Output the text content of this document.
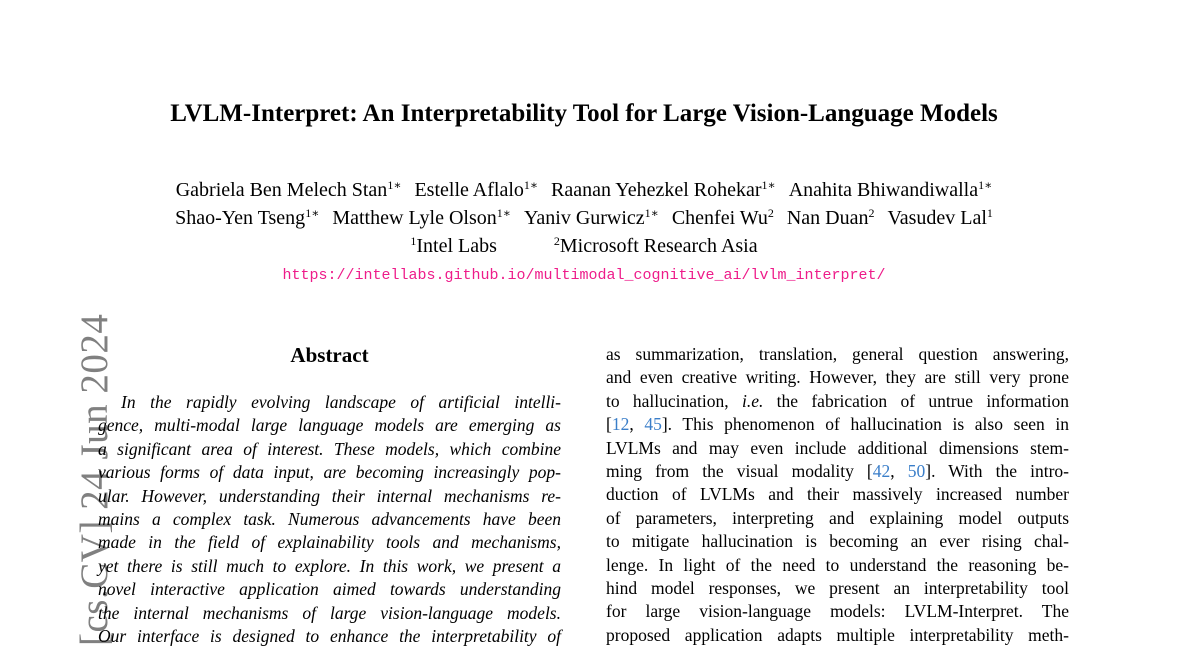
[cs.CV] 24 Jun 2024
LVLM-Interpret: An Interpretability Tool for Large Vision-Language Models
Gabriela Ben Melech Stan$^{1∗}$ Estelle Aflalo$^{1∗}$ Raanan Yehezkel Rohekar$^{1∗}$ Anahita Bhiwandiwalla$^{1∗}$
Shao-Yen Tseng$^{1∗}$ Matthew Lyle Olson$^{1∗}$ Yaniv Gurwicz$^{1∗}$ Chenfei Wu$^2$ Nan Duan$^2$ Vasudev Lal$^1$
$^1$Intel Labs	$^2$Microsoft Research Asia
https://intellabs.github.io/multimodal_cognitive_ai/lvlm_interpret/
Abstract
In the rapidly evolving landscape of artificial intelli-
gence, multi-modal large language models are emerging as
a significant area of interest. These models, which combine
various forms of data input, are becoming increasingly pop-
ular. However, understanding their internal mechanisms re-
mains a complex task. Numerous advancements have been
made in the field of explainability tools and mechanisms,
yet there is still much to explore. In this work, we present a
novel interactive application aimed towards understanding
the internal mechanisms of large vision-language models.
Our interface is designed to enhance the interpretability of
as summarization, translation, general question answering,
and even creative writing. However, they are still very prone
to hallucination, i.e. the fabrication of untrue information
[12, 45]. This phenomenon of hallucination is also seen in
LVLMs and may even include additional dimensions stem-
ming from the visual modality [42, 50]. With the intro-
duction of LVLMs and their massively increased number
of parameters, interpreting and explaining model outputs
to mitigate hallucination is becoming an ever rising chal-
lenge. In light of the need to understand the reasoning be-
hind model responses, we present an interpretability tool
for large vision-language models: LVLM-Interpret. The
proposed application adapts multiple interpretability meth-
